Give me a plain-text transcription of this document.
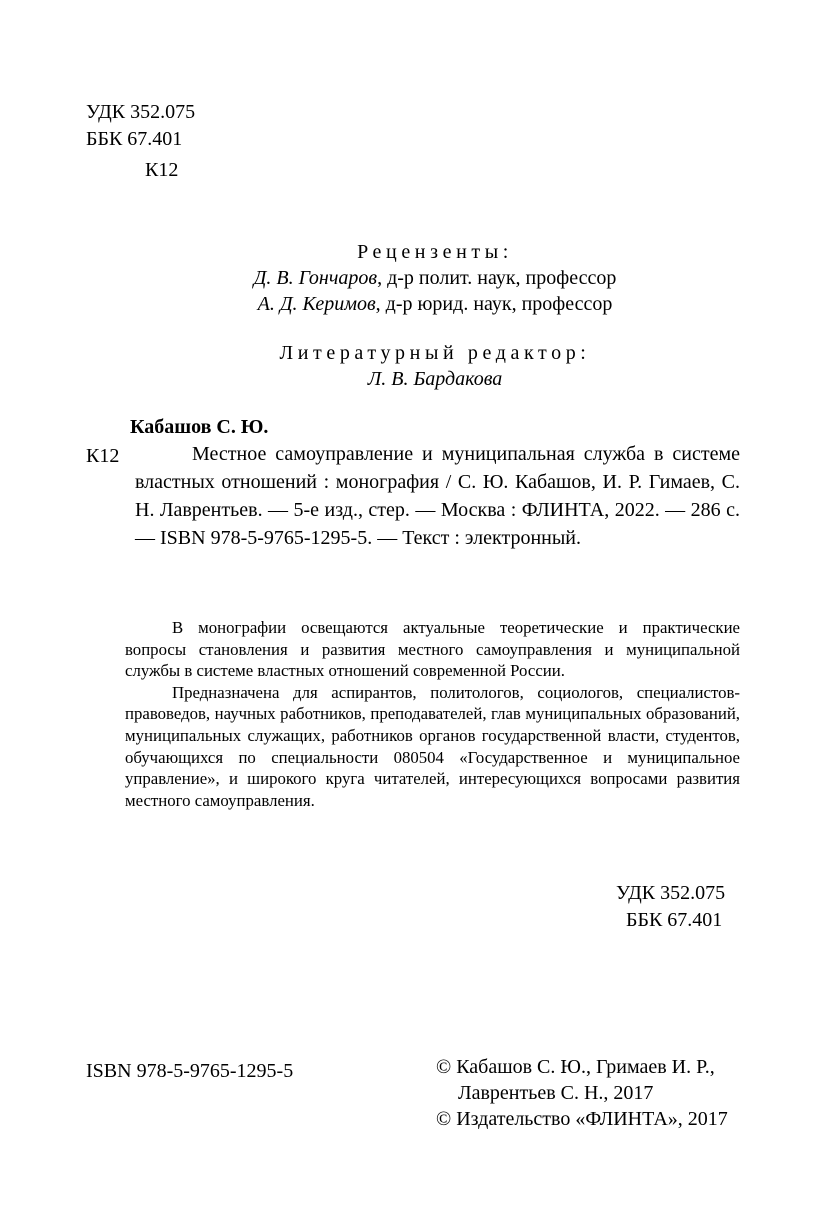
УДК 352.075
ББК 67.401
К12
Рецензенты:
Д. В. Гончаров, д-р полит. наук, профессор
А. Д. Керимов, д-р юрид. наук, профессор
Литературный редактор:
Л. В. Бардакова
Кабашов С. Ю.
К12	Местное самоуправление и муниципальная служба в системе властных отношений : монография / С. Ю. Кабашов, И. Р. Гимаев, С. Н. Лаврентьев. — 5-е изд., стер. — Москва : ФЛИНТА, 2022. — 286 с. — ISBN 978-5-9765-1295-5. — Текст : электронный.

В монографии освещаются актуальные теоретические и практические вопросы становления и развития местного самоуправления и муниципальной службы в системе властных отношений современной России.

Предназначена для аспирантов, политологов, социологов, специалистов-правоведов, научных работников, преподавателей, глав муниципальных образований, муниципальных служащих, работников органов государственной власти, студентов, обучающихся по специальности 080504 «Государственное и муниципальное управление», и широкого круга читателей, интересующихся вопросами развития местного самоуправления.

УДК 352.075
ББК 67.401
ISBN 978-5-9765-1295-5	© Кабашов С. Ю., Гримаев И. Р.,
Лаврентьев С. Н., 2017
© Издательство «ФЛИНТА», 2017
